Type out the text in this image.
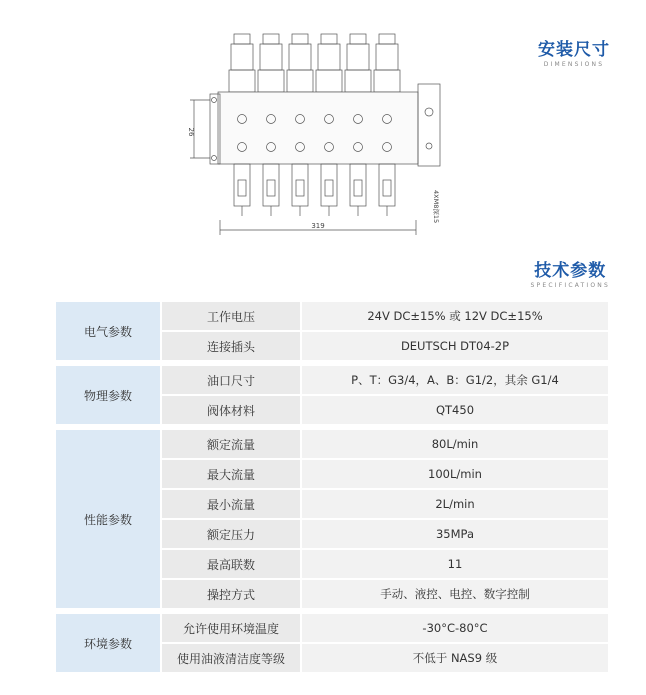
319
26
4XM8深15
安装尺寸
DIMENSIONS
技术参数
SPECIFICATIONS
电气参数
工作电压	24V DC±15% 或 12V DC±15%
连接插头	DEUTSCH DT04-2P
物理参数
油口尺寸	P、T：G3/4，A、B：G1/2，其余 G1/4
阀体材料	QT450
性能参数
额定流量	80L/min
最大流量	100L/min
最小流量	2L/min
额定压力	35MPa
最高联数	11
操控方式	手动、液控、电控、数字控制
环境参数
允许使用环境温度	-30°C-80°C
使用油液清洁度等级	不低于 NAS9 级
